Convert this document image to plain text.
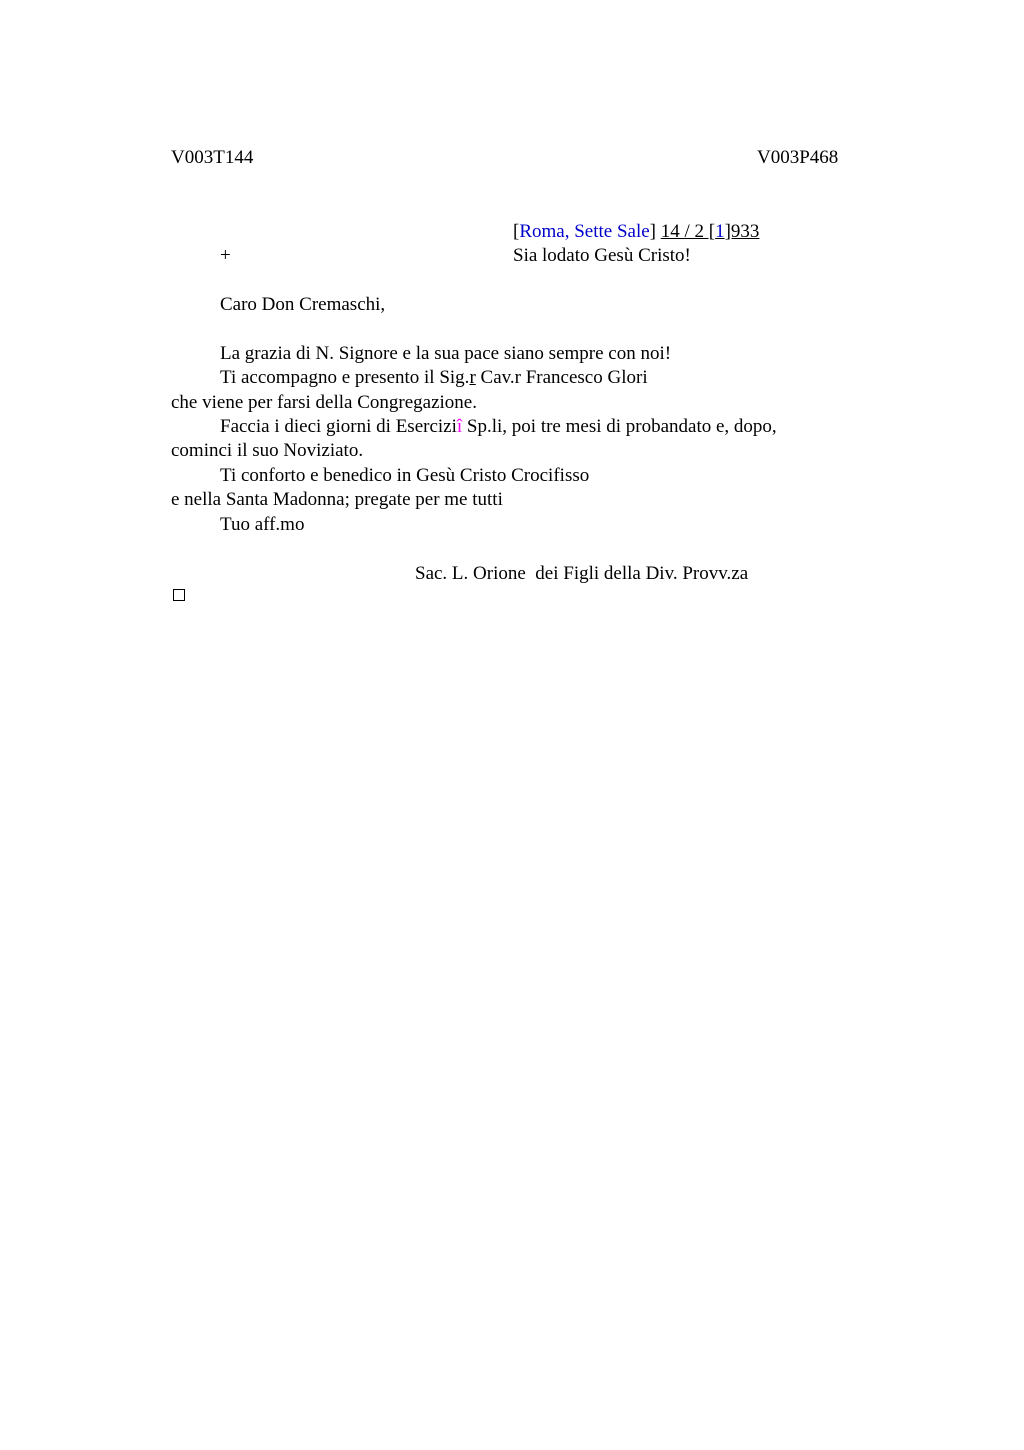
V003T144	V003P468
[Roma, Sette Sale] 14 / 2 [1]933
+	Sia lodato Gesù Cristo!
Caro Don Cremaschi,
La grazia di N. Signore e la sua pace siano sempre con noi!
Ti accompagno e presento il Sig.r Cav.r Francesco Glori
che viene per farsi della Congregazione.
Faccia i dieci giorni di Eserciziî Sp.li, poi tre mesi di probandato e, dopo,
cominci il suo Noviziato.
Ti conforto e benedico in Gesù Cristo Crocifisso
e nella Santa Madonna; pregate per me tutti
Tuo aff.mo
Sac. L. Orione  dei Figli della Div. Provv.za
